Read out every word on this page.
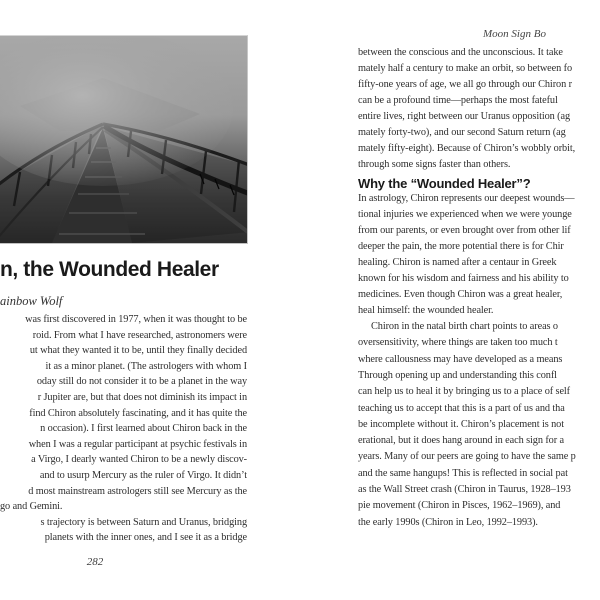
n, the Wounded Healer
ainbow Wolf
was first discovered in 1977, when it was thought to be
roid. From what I have researched, astronomers were
ut what they wanted it to be, until they finally decided
it as a minor planet. (The astrologers with whom I
oday still do not consider it to be a planet in the way
r Jupiter are, but that does not diminish its impact in
find Chiron absolutely fascinating, and it has quite the
n occasion). I first learned about Chiron back in the
when I was a regular participant at psychic festivals in
a Virgo, I dearly wanted Chiron to be a newly discov-
and to usurp Mercury as the ruler of Virgo. It didn’t
d most mainstream astrologers still see Mercury as the
go and Gemini.
s trajectory is between Saturn and Uranus, bridging
planets with the inner ones, and I see it as a bridge
282
Moon Sign Bo
between the conscious and the unconscious. It take
mately half a century to make an orbit, so between fo
fifty-one years of age, we all go through our Chiron r
can be a profound time—perhaps the most fateful
entire lives, right between our Uranus opposition (ag
mately forty-two), and our second Saturn return (ag
mately fifty-eight). Because of Chiron’s wobbly orbit,
through some signs faster than others.
Why the “Wounded Healer”?
In astrology, Chiron represents our deepest wounds—
tional injuries we experienced when we were younge
from our parents, or even brought over from other lif
deeper the pain, the more potential there is for Chir
healing. Chiron is named after a centaur in Greek
known for his wisdom and fairness and his ability to
medicines. Even though Chiron was a great healer,
heal himself: the wounded healer.
Chiron in the natal birth chart points to areas o
oversensitivity, where things are taken too much t
where callousness may have developed as a means
Through opening up and understanding this confl
can help us to heal it by bringing us to a place of self
teaching us to accept that this is a part of us and tha
be incomplete without it. Chiron’s placement is not
erational, but it does hang around in each sign for a
years. Many of our peers are going to have the same p
and the same hangups! This is reflected in social pat
as the Wall Street crash (Chiron in Taurus, 1928–193
pie movement (Chiron in Pisces, 1962–1969), and
the early 1990s (Chiron in Leo, 1992–1993).
